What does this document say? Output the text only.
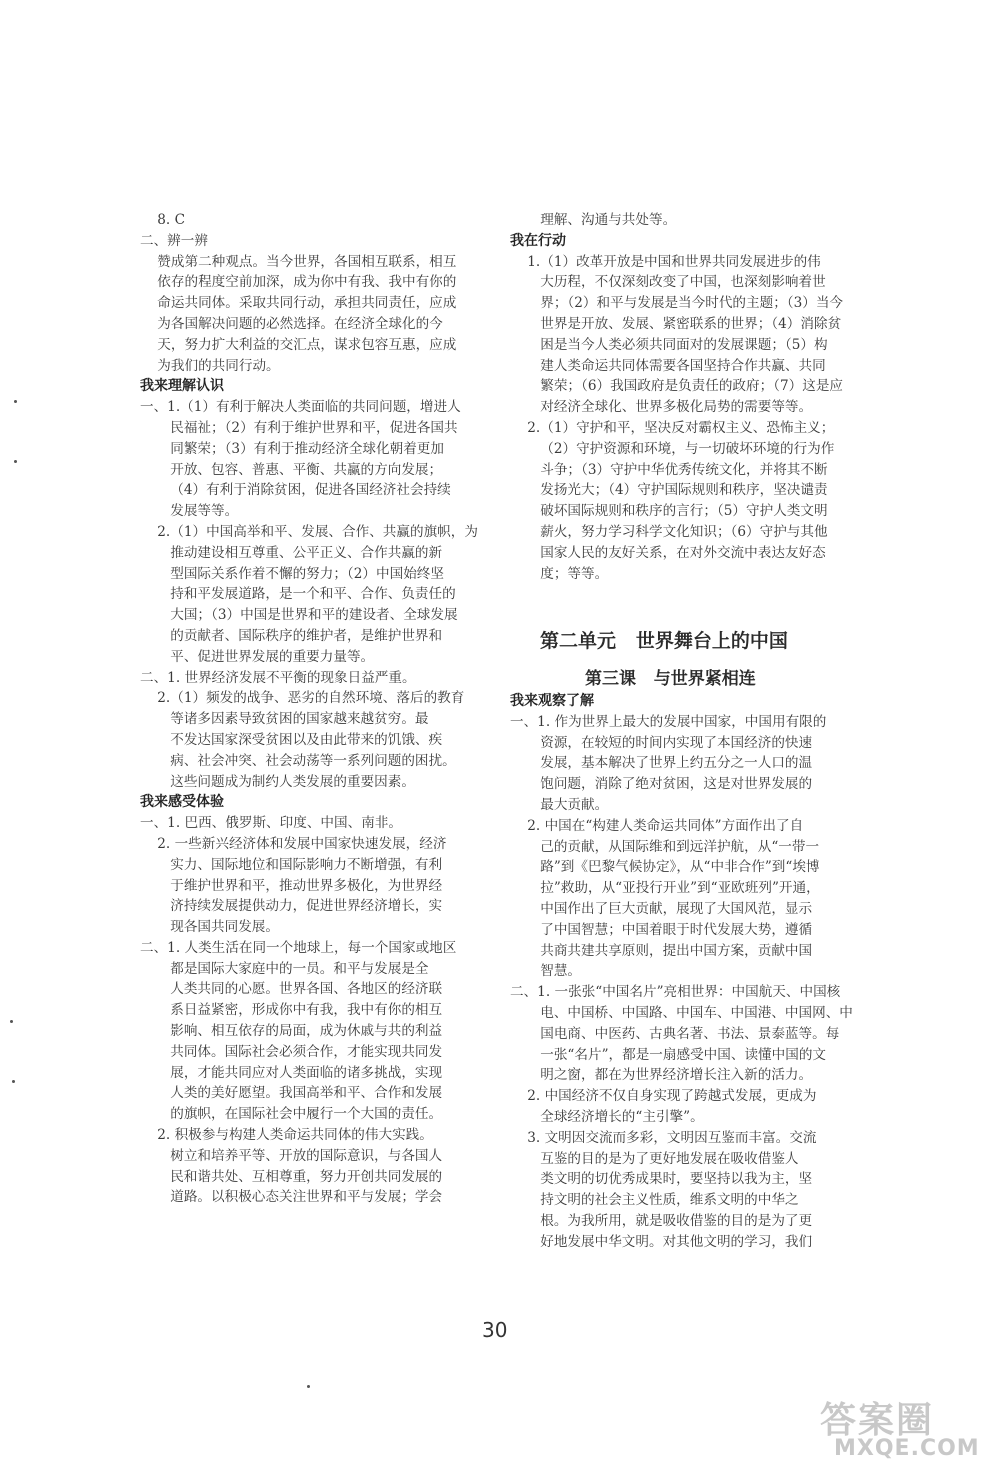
8. C
二、辨一辨
赞成第二种观点。当今世界，各国相互联系，相互
依存的程度空前加深，成为你中有我、我中有你的
命运共同体。采取共同行动，承担共同责任，应成
为各国解决问题的必然选择。在经济全球化的今
天，努力扩大利益的交汇点，谋求包容互惠，应成
为我们的共同行动。
我来理解认识
一、1.（1）有利于解决人类面临的共同问题，增进人
民福祉；（2）有利于维护世界和平，促进各国共
同繁荣；（3）有利于推动经济全球化朝着更加
开放、包容、普惠、平衡、共赢的方向发展；
（4）有利于消除贫困，促进各国经济社会持续
发展等等。
2.（1）中国高举和平、发展、合作、共赢的旗帜，为
推动建设相互尊重、公平正义、合作共赢的新
型国际关系作着不懈的努力；（2）中国始终坚
持和平发展道路，是一个和平、合作、负责任的
大国；（3）中国是世界和平的建设者、全球发展
的贡献者、国际秩序的维护者，是维护世界和
平、促进世界发展的重要力量等。
二、1. 世界经济发展不平衡的现象日益严重。
2.（1）频发的战争、恶劣的自然环境、落后的教育
等诸多因素导致贫困的国家越来越贫穷。最
不发达国家深受贫困以及由此带来的饥饿、疾
病、社会冲突、社会动荡等一系列问题的困扰。
这些问题成为制约人类发展的重要因素。
我来感受体验
一、1. 巴西、俄罗斯、印度、中国、南非。
2. 一些新兴经济体和发展中国家快速发展，经济
实力、国际地位和国际影响力不断增强，有利
于维护世界和平，推动世界多极化，为世界经
济持续发展提供动力，促进世界经济增长，实
现各国共同发展。
二、1. 人类生活在同一个地球上，每一个国家或地区
都是国际大家庭中的一员。和平与发展是全
人类共同的心愿。世界各国、各地区的经济联
系日益紧密，形成你中有我，我中有你的相互
影响、相互依存的局面，成为休戚与共的利益
共同体。国际社会必须合作，才能实现共同发
展，才能共同应对人类面临的诸多挑战，实现
人类的美好愿望。我国高举和平、合作和发展
的旗帜，在国际社会中履行一个大国的责任。
2. 积极参与构建人类命运共同体的伟大实践。
树立和培养平等、开放的国际意识，与各国人
民和谐共处、互相尊重，努力开创共同发展的
道路。以积极心态关注世界和平与发展；学会
理解、沟通与共处等。
我在行动
1.（1）改革开放是中国和世界共同发展进步的伟
大历程，不仅深刻改变了中国，也深刻影响着世
界；（2）和平与发展是当今时代的主题；（3）当今
世界是开放、发展、紧密联系的世界；（4）消除贫
困是当今人类必须共同面对的发展课题；（5）构
建人类命运共同体需要各国坚持合作共赢、共同
繁荣；（6）我国政府是负责任的政府；（7）这是应
对经济全球化、世界多极化局势的需要等等。
2.（1）守护和平，坚决反对霸权主义、恐怖主义；
（2）守护资源和环境，与一切破坏环境的行为作
斗争；（3）守护中华优秀传统文化，并将其不断
发扬光大；（4）守护国际规则和秩序，坚决谴责
破坏国际规则和秩序的言行；（5）守护人类文明
薪火，努力学习科学文化知识；（6）守护与其他
国家人民的友好关系，在对外交流中表达友好态
度；等等。
第二单元   世界舞台上的中国
第三课   与世界紧相连
我来观察了解
一、1. 作为世界上最大的发展中国家，中国用有限的
资源，在较短的时间内实现了本国经济的快速
发展，基本解决了世界上约五分之一人口的温
饱问题，消除了绝对贫困，这是对世界发展的
最大贡献。
2. 中国在“构建人类命运共同体”方面作出了自
己的贡献，从国际维和到远洋护航，从“一带一
路”到《巴黎气候协定》，从“中非合作”到“埃博
拉”救助，从“亚投行开业”到“亚欧班列”开通，
中国作出了巨大贡献，展现了大国风范，显示
了中国智慧；中国着眼于时代发展大势，遵循
共商共建共享原则，提出中国方案，贡献中国
智慧。
二、1. 一张张“中国名片”亮相世界：中国航天、中国核
电、中国桥、中国路、中国车、中国港、中国网、中
国电商、中医药、古典名著、书法、景泰蓝等。每
一张“名片”，都是一扇感受中国、读懂中国的文
明之窗，都在为世界经济增长注入新的活力。
2. 中国经济不仅自身实现了跨越式发展，更成为
全球经济增长的“主引擎”。
3. 文明因交流而多彩，文明因互鉴而丰富。交流
互鉴的目的是为了更好地发展在吸收借鉴人
类文明的切优秀成果时，要坚持以我为主，坚
持文明的社会主义性质，维系文明的中华之
根。为我所用，就是吸收借鉴的目的是为了更
好地发展中华文明。对其他文明的学习，我们
30
答案圈
MXQE.COM
